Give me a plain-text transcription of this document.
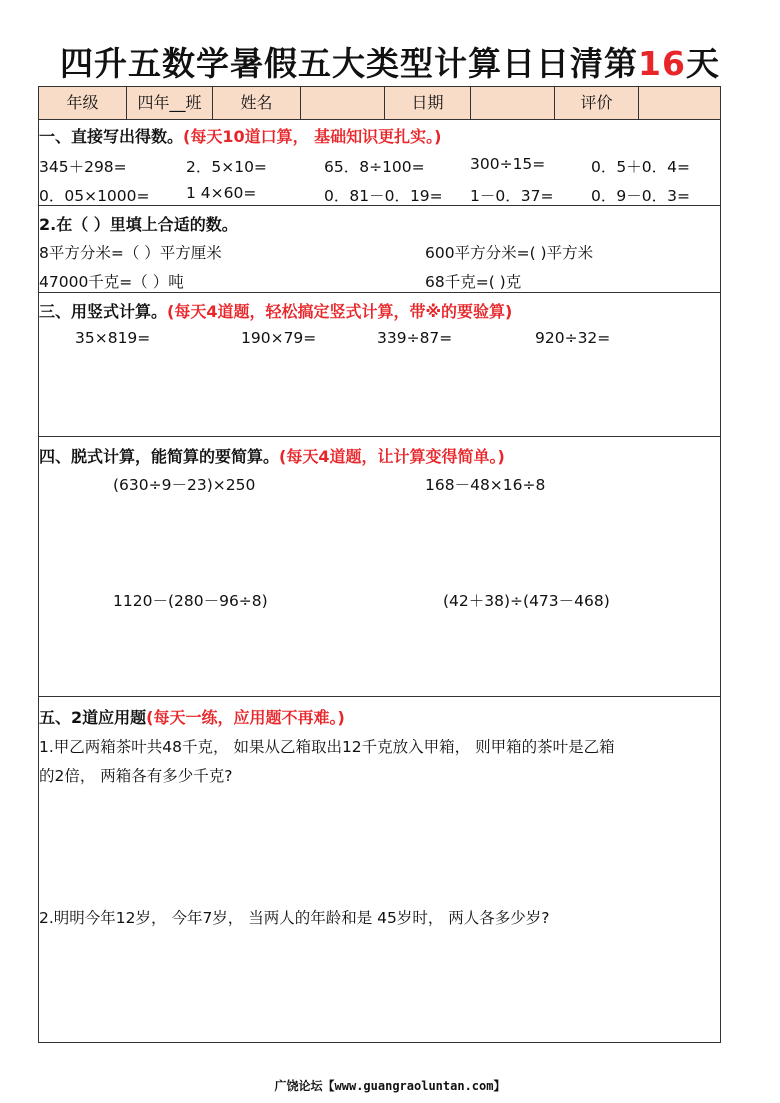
四升五数学暑假五大类型计算日日清第16天
年级	四年__班	姓名	日期	评价
一、直接写出得数。(每天10道口算， 基础知识更扎实。)
345＋298=	2．5×10=	65．8÷100=	300÷15=	0．5＋0．4=
0．05×1000= 1 4×60=	0．81－0．19= 1－0．37= 0．9－0．3=
2.在（ ）里填上合适的数。
8平方分米=（ ）平方厘米	600平方分米=( )平方米
47000千克=（ ）吨	68千克=( )克
三、用竖式计算。(每天4道题，轻松搞定竖式计算，带※的要验算)
35×819=	190×79=	339÷87=	920÷32=
四、脱式计算，能简算的要简算。(每天4道题，让计算变得简单。)
(630÷9－23)×250	168－48×16÷8
1120－(280－96÷8)	(42＋38)÷(473－468)
五、2道应用题(每天一练，应用题不再难。)
1.甲乙两箱茶叶共48千克， 如果从乙箱取出12千克放入甲箱， 则甲箱的茶叶是乙箱
的2倍， 两箱各有多少千克?
2.明明今年12岁， 今年7岁， 当两人的年龄和是 45岁时， 两人各多少岁?
广饶论坛【www.guangraoluntan.com】
